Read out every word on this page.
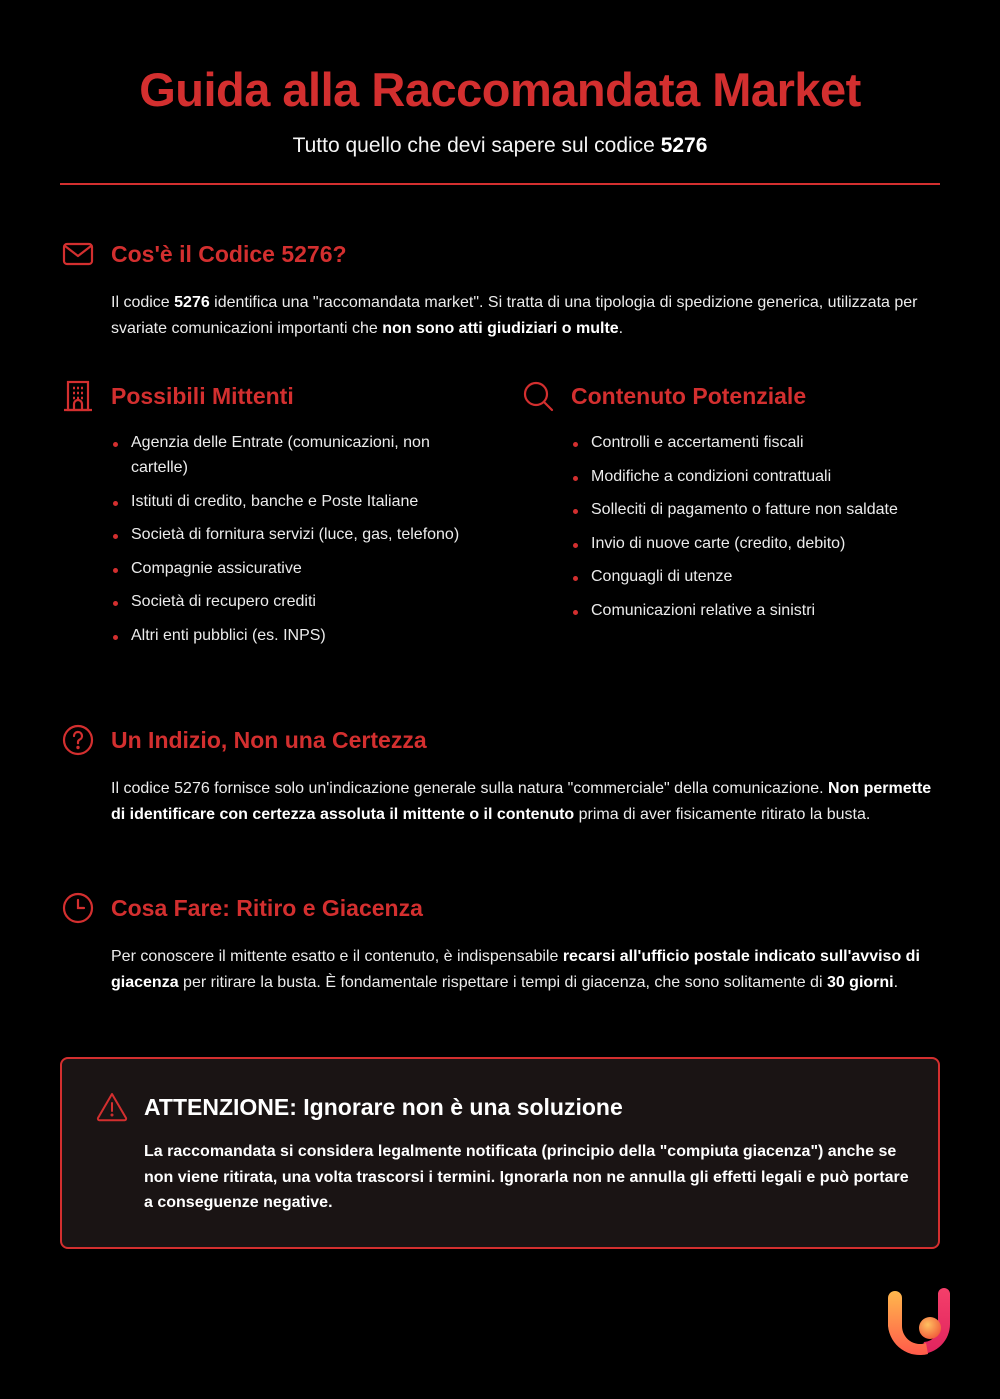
Guida alla Raccomandata Market

Tutto quello che devi sapere sul codice 5276

Cos'è il Codice 5276?

Il codice 5276 identifica una "raccomandata market". Si tratta di una tipologia di spedizione generica, utilizzata per svariate comunicazioni importanti che non sono atti giudiziari o multe.

Possibili Mittenti
Agenzia delle Entrate (comunicazioni, non cartelle)
Istituti di credito, banche e Poste Italiane
Società di fornitura servizi (luce, gas, telefono)
Compagnie assicurative
Società di recupero crediti
Altri enti pubblici (es. INPS)
Contenuto Potenziale
Controlli e accertamenti fiscali
Modifiche a condizioni contrattuali
Solleciti di pagamento o fatture non saldate
Invio di nuove carte (credito, debito)
Conguagli di utenze
Comunicazioni relative a sinistri
Un Indizio, Non una Certezza

Il codice 5276 fornisce solo un'indicazione generale sulla natura "commerciale" della comunicazione. Non permette di identificare con certezza assoluta il mittente o il contenuto prima di aver fisicamente ritirato la busta.

Cosa Fare: Ritiro e Giacenza

Per conoscere il mittente esatto e il contenuto, è indispensabile recarsi all'ufficio postale indicato sull'avviso di giacenza per ritirare la busta. È fondamentale rispettare i tempi di giacenza, che sono solitamente di 30 giorni.

ATTENZIONE: Ignorare non è una soluzione

La raccomandata si considera legalmente notificata (principio della "compiuta giacenza") anche se non viene ritirata, una volta trascorsi i termini. Ignorarla non ne annulla gli effetti legali e può portare a conseguenze negative.
